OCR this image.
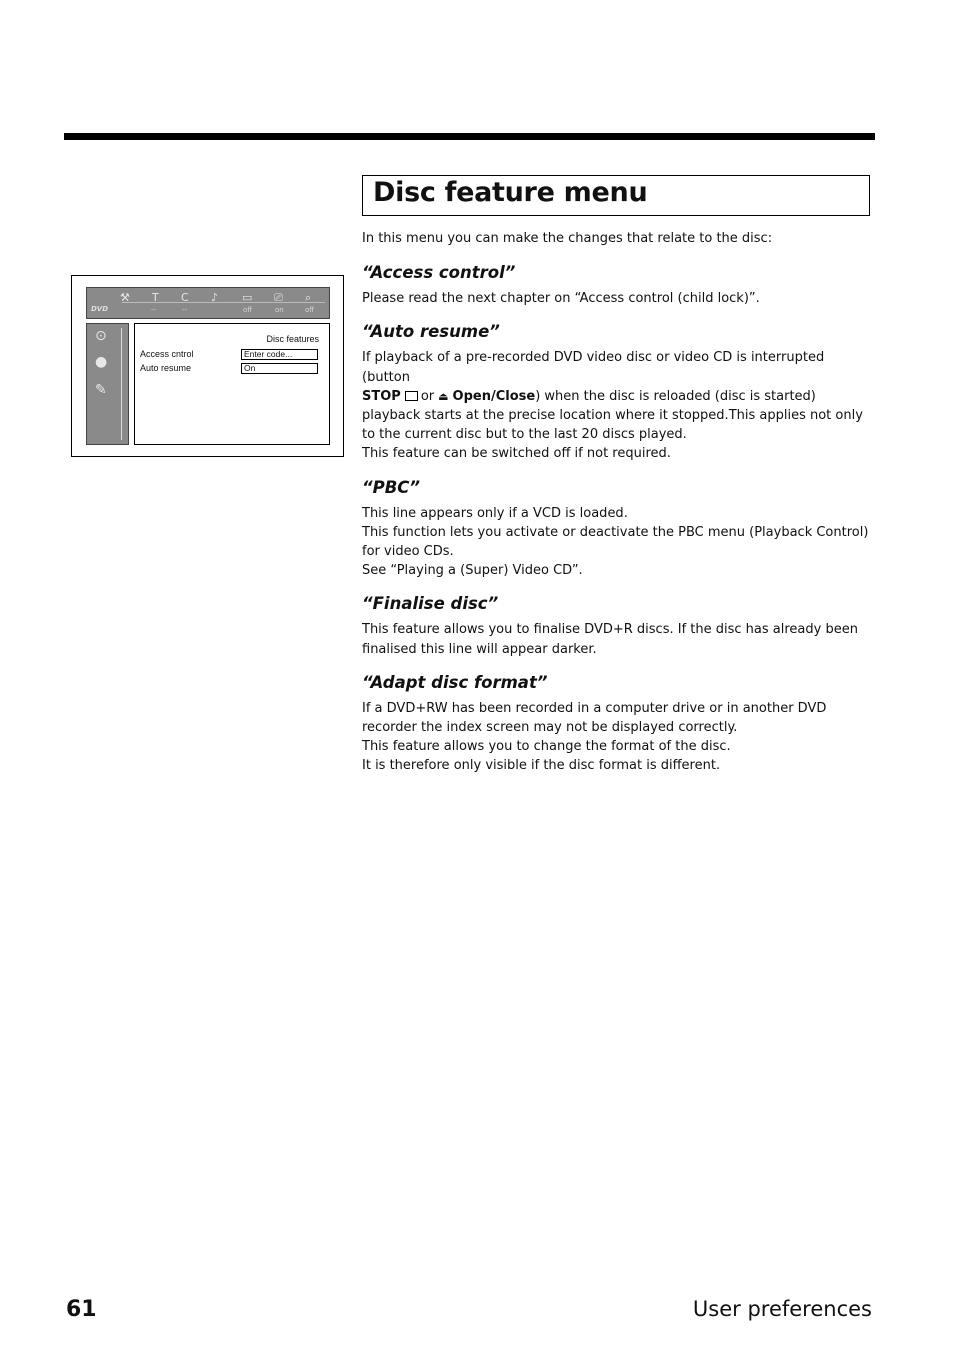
Disc feature menu
DVD
⚒ T C ♪ ▭ ⎚ ⌕
--	--	off	on	off
⊙
●
✎
Disc features
Access cntrol	Enter code...
Auto resume	On

In this menu you can make the changes that relate to the disc:

“Access control”

Please read the next chapter on “Access control (child lock)”.

“Auto resume”

If playback of a pre-recorded DVD video disc or video CD is interrupted (button
STOP or ⏏ Open/Close) when the disc is reloaded (disc is started) playback starts at the precise location where it stopped.This applies not only to the current disc but to the last 20 discs played.

This feature can be switched off if not required.

“PBC”

This line appears only if a VCD is loaded.

This function lets you activate or deactivate the PBC menu (Playback Control) for video CDs.

See “Playing a (Super) Video CD”.

“Finalise disc”

This feature allows you to finalise DVD+R discs. If the disc has already been finalised this line will appear darker.

“Adapt disc format”

If a DVD+RW has been recorded in a computer drive or in another DVD recorder the index screen may not be displayed correctly.

This feature allows you to change the format of the disc.

It is therefore only visible if the disc format is different.

61	User preferences
